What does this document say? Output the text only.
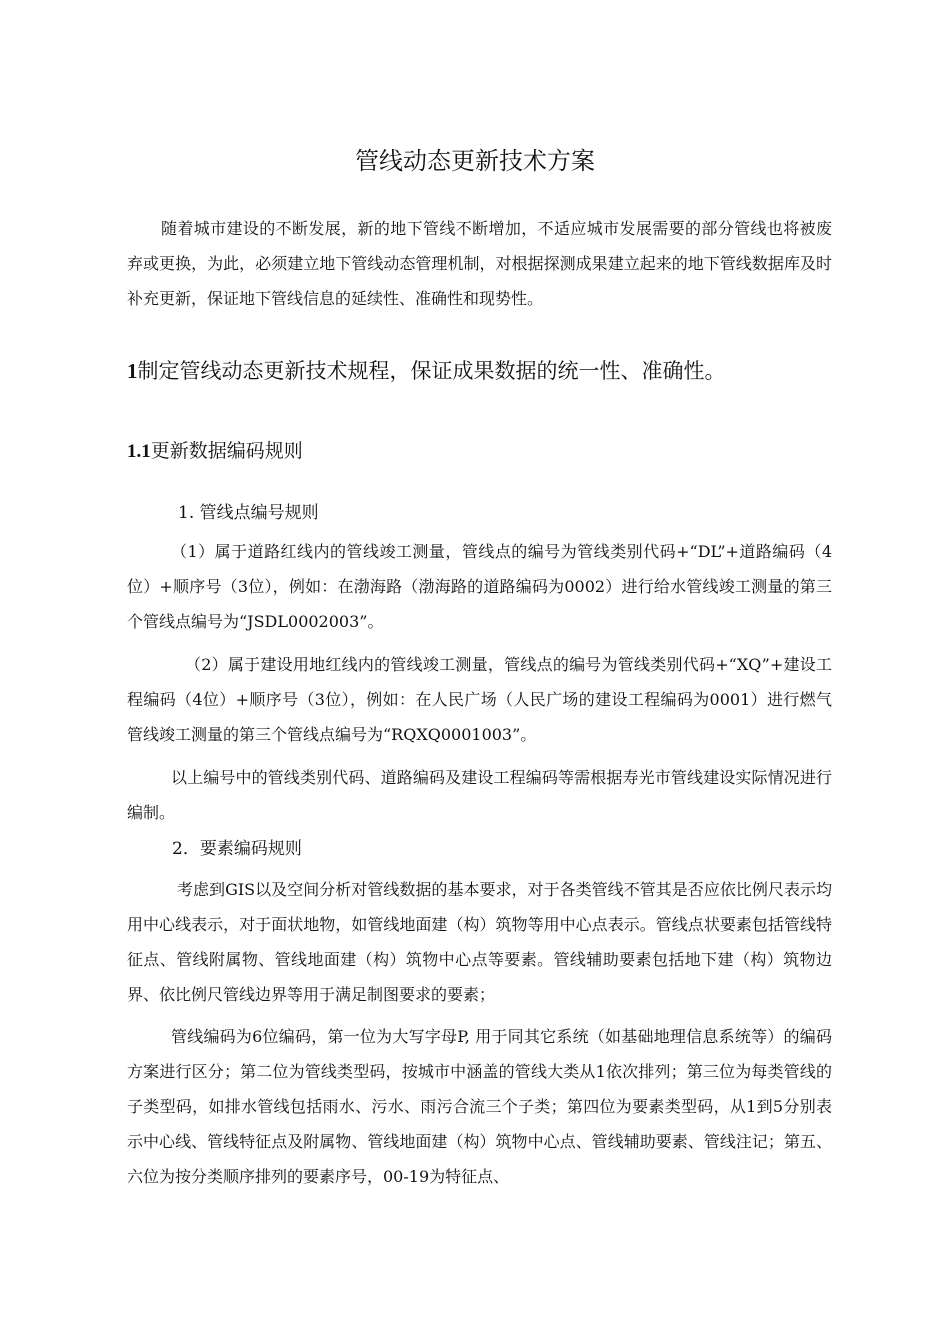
管线动态更新技术方案

随着城市建设的不断发展，新的地下管线不断增加，不适应城市发展需要的部分管线也将被废弃或更换，为此，必须建立地下管线动态管理机制，对根据探测成果建立起来的地下管线数据库及时补充更新，保证地下管线信息的延续性、准确性和现势性。

1制定管线动态更新技术规程，保证成果数据的统一性、准确性。
1.1更新数据编码规则

1. 管线点编号规则

（1）属于道路红线内的管线竣工测量，管线点的编号为管线类别代码+“DL”+道路编码（4位）+顺序号（3位），例如：在渤海路（渤海路的道路编码为0002）进行给水管线竣工测量的第三个管线点编号为“JSDL0002003”。

（2）属于建设用地红线内的管线竣工测量，管线点的编号为管线类别代码+“XQ”+建设工程编码（4位）+顺序号（3位），例如：在人民广场（人民广场的建设工程编码为0001）进行燃气管线竣工测量的第三个管线点编号为“RQXQ0001003”。

以上编号中的管线类别代码、道路编码及建设工程编码等需根据寿光市管线建设实际情况进行编制。

2．要素编码规则

考虑到GIS以及空间分析对管线数据的基本要求，对于各类管线不管其是否应依比例尺表示均用中心线表示，对于面状地物，如管线地面建（构）筑物等用中心点表示。管线点状要素包括管线特征点、管线附属物、管线地面建（构）筑物中心点等要素。管线辅助要素包括地下建（构）筑物边界、依比例尺管线边界等用于满足制图要求的要素；

管线编码为6位编码，第一位为大写字母P, 用于同其它系统（如基础地理信息系统等）的编码方案进行区分；第二位为管线类型码，按城市中涵盖的管线大类从1依次排列；第三位为每类管线的子类型码，如排水管线包括雨水、污水、雨污合流三个子类；第四位为要素类型码，从1到5分别表示中心线、管线特征点及附属物、管线地面建（构）筑物中心点、管线辅助要素、管线注记；第五、六位为按分类顺序排列的要素序号，00-19为特征点、
